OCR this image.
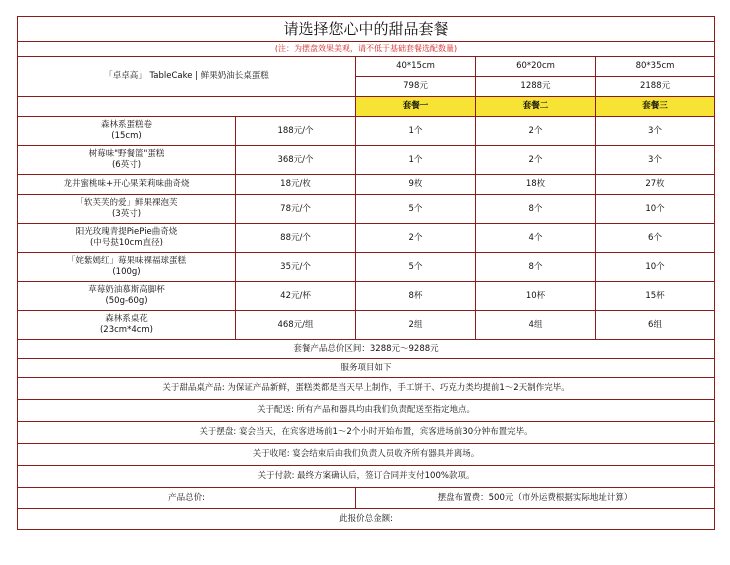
请选择您心中的甜品套餐				
(注：为摆盘效果美观，请不低于基础套餐选配数量)				
「卓卓高」 TableCake | 鲜果奶油长桌蛋糕		40*15cm	60*20cm	80*35cm
		798元	1288元	2188元
		套餐一	套餐二	套餐三

森林系蛋糕卷
(15cm)	188元/个	1个	2个	3个

树莓味"野餐篮"蛋糕
(6英寸)	368元/个	1个	2个	3个

龙井蜜桃味+开心果茉莉味曲奇烧	18元/枚	9枚	18枚	27枚

「软芙芙的爱」鲜果裸泡芙
(3英寸)	78元/个	5个	8个	10个

阳光玫瑰青提PiePie曲奇烧
(中号挞10cm直径)	88元/个	2个	4个	6个

「姹紫嫣红」莓果味裸福球蛋糕
(100g)	35元/个	5个	8个	10个

草莓奶油慕斯高脚杯
(50g-60g)	42元/杯	8杯	10杯	15杯

森林系桌花
(23cm*4cm)	468元/组	2组	4组	6组
套餐产品总价区间：3288元～9288元				
服务项目如下				
关于甜品桌产品: 为保证产品新鲜，蛋糕类都是当天早上制作，手工饼干、巧克力类均提前1～2天制作完毕。				
关于配送: 所有产品和器具均由我们负责配送至指定地点。				
关于摆盘: 宴会当天，在宾客进场前1～2个小时开始布置，宾客进场前30分钟布置完毕。				
关于收尾: 宴会结束后由我们负责人员收齐所有器具并离场。				
关于付款: 最终方案确认后，签订合同并支付100%款项。				
产品总价:		摆盘布置费：500元（市外运费根据实际地址计算）		
此报价总金额:				
